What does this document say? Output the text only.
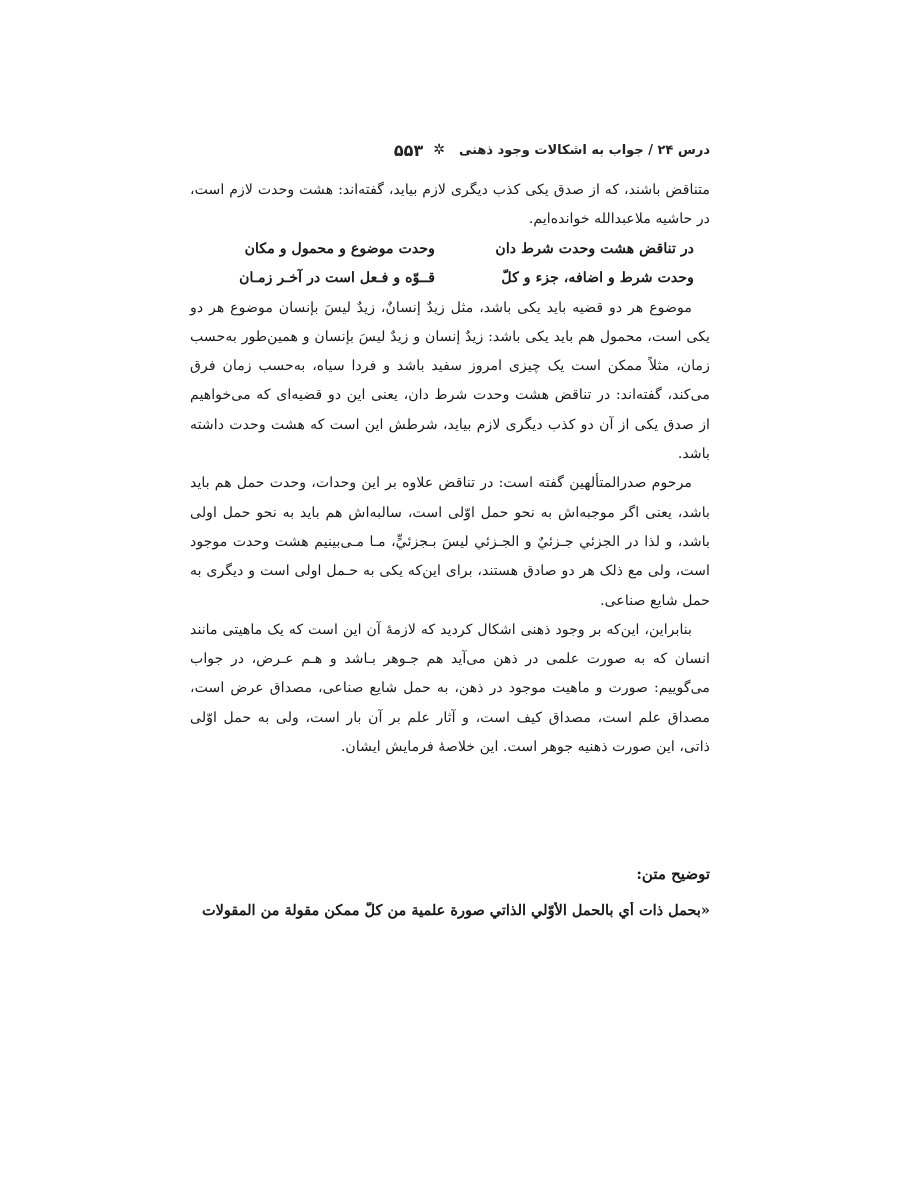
درس ۲۴ / جواب به اشکالات وجود ذهنی
✲
۵۵۳

متناقض باشند، که از صدق یکی کذب دیگری لازم بیاید، گفته‌اند: هشت وحدت لازم است، در حاشیه ملاعبدالله خوانده‌ایم.

در تناقض هشت وحدت شرط دان
وحدت موضوع و محمول و مکان
وحدت شرط و اضافه، جزء و کلّ
قــوّه و فـعل است در آخـر زمـان

موضوع هر دو قضیه باید یکی باشد، مثل زیدٌ إنسانٌ، زیدٌ لیسَ بإنسان موضوع هر دو یکی است، محمول هم باید یکی باشد: زیدٌ إنسان و زیدٌ لیسَ بإنسان و همین‌طور به‌حسب زمان، مثلاً ممکن است یک چیزی امروز سفید باشد و فردا سیاه، به‌حسب زمان فرق می‌کند، گفته‌اند: در تناقض هشت وحدت شرط دان، یعنی این دو قضیه‌ای که می‌خواهیم از صدق یکی از آن دو کذب دیگری لازم بیاید، شرطش این است که هشت وحدت داشته باشد.

مرحوم صدرالمتألهین گفته است: در تناقض علاوه بر این وحدات، وحدت حمل هم باید باشد، یعنی اگر موجبه‌اش به نحو حمل اوّلی است، سالبه‌اش هم باید به نحو حمل اولی باشد، و لذا در الجزئي جـزئيٌ و الجـزئي لیسَ بـجزئيٍّ، مـا مـی‌بینیم هشت وحدت موجود است، ولی مع ذلک هر دو صادق هستند، برای این‌که یکی به حـمل اولی است و دیگری به حمل شایع صناعی.

بنابراین، این‌که بر وجود ذهنی اشکال کردید که لازمهٔ آن این است که یک ماهیتی مانند انسان که به صورت علمی در ذهن می‌آید هم جـوهر بـاشد و هـم عـرض، در جواب می‌گوییم: صورت و ماهیت موجود در ذهن، به حمل شایع صناعی، مصداق عرض است، مصداق علم است، مصداق کیف است، و آثار علم بر آن بار است، ولی به حمل اوّلی ذاتی، این صورت ذهنیه جوهر است. این خلاصهٔ فرمایش ایشان.

توضیح متن:
«بحمل ذات أي بالحمل الأوّلي الذاتي صورة علمية من كلّ ممكن مقولة من المقولات
